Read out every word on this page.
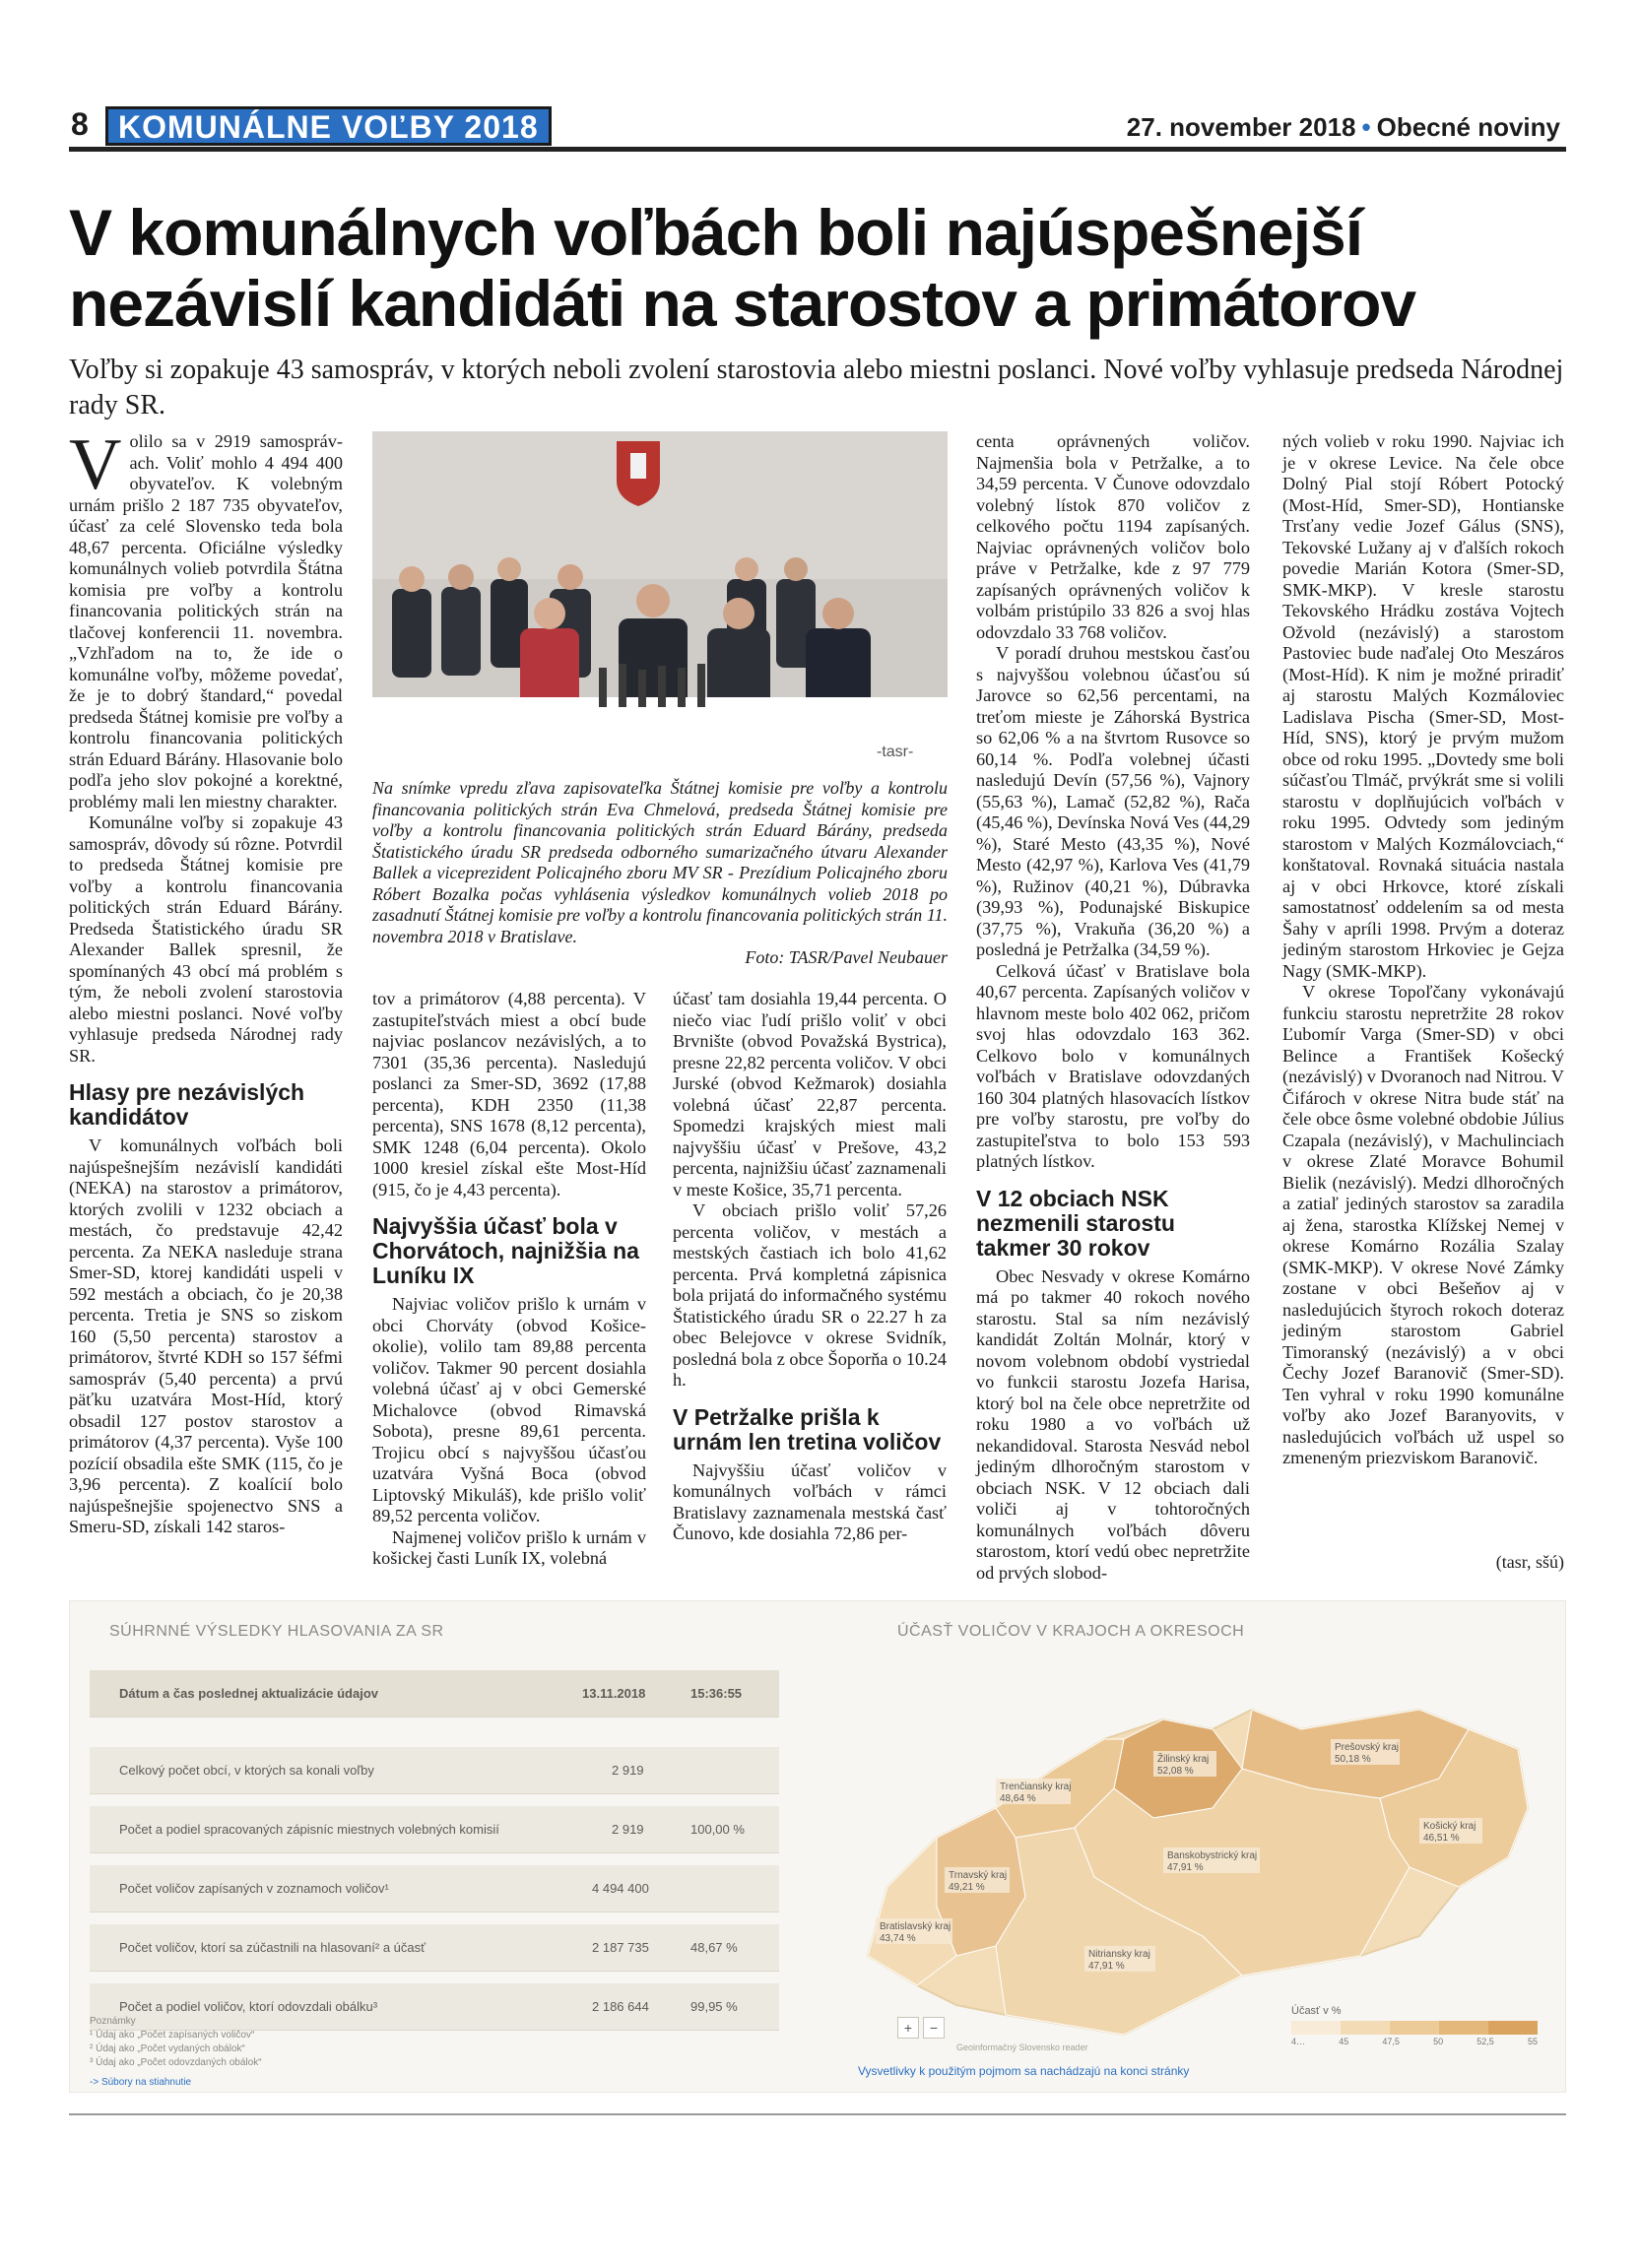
8 KOMUNÁLNE VOĽBY 2018	27. november 2018 • Obecné noviny
V komunálnych voľbách boli najúspešnejší
nezávislí kandidáti na starostov a primátorov

Voľby si zopakuje 43 samospráv, v ktorých neboli zvolení starostovia alebo miestni poslanci. Nové voľby vyhlasuje predseda Národnej rady SR.

Volilo sa v 2919 samosprávach. Voliť mohlo 4 494 400 obyvateľov. K volebným urnám prišlo 2 187 735 obyvateľov, účasť za celé Slovensko teda bola 48,67 percenta. Oficiálne výsledky komunálnych volieb potvrdila Štátna komisia pre voľby a kontrolu financovania politických strán na tlačovej konferencii 11. novembra. „Vzhľadom na to, že ide o komunálne voľby, môžeme povedať, že je to dobrý štandard,“ povedal predseda Štátnej komisie pre voľby a kontrolu financovania politických strán Eduard Bárány. Hlasovanie bolo podľa jeho slov pokojné a korektné, problémy mali len miestny charakter.

Komunálne voľby si zopakuje 43 samospráv, dôvody sú rôzne. Potvrdil to predseda Štátnej komisie pre voľby a kontrolu financovania politických strán Eduard Bárány. Predseda Štatistického úradu SR Alexander Ballek spresnil, že spomínaných 43 obcí má problém s tým, že neboli zvolení starostovia alebo miestni poslanci. Nové voľby vyhlasuje predseda Národnej rady SR.

Hlasy pre nezávislých kandidátov

V komunálnych voľbách boli najúspešnejším nezávislí kandidáti (NEKA) na starostov a primátorov, ktorých zvolili v 1232 obciach a mestách, čo predstavuje 42,42 percenta. Za NEKA nasleduje strana Smer-SD, ktorej kandidáti uspeli v 592 mestách a obciach, čo je 20,38 percenta. Tretia je SNS so ziskom 160 (5,50 percenta) starostov a primátorov, štvrté KDH so 157 šéfmi samospráv (5,40 percenta) a prvú päťku uzatvára Most-Híd, ktorý obsadil 127 postov starostov a primátorov (4,37 percenta). Vyše 100 pozícií obsadila ešte SMK (115, čo je 3,96 percenta). Z koalícií bolo najúspešnejšie spojenectvo SNS a Smeru-SD, získali 142 staros-

-tasr-

Na snímke vpredu zľava zapisovateľka Štátnej komisie pre voľby a kontrolu financovania politických strán Eva Chmelová, predseda Štátnej komisie pre voľby a kontrolu financovania politických strán Eduard Bárány, predseda Štatistického úradu SR predseda odborného sumarizačného útvaru Alexander Ballek a viceprezident Policajného zboru MV SR - Prezídium Policajného zboru Róbert Bozalka počas vyhlásenia výsledkov komunálnych volieb 2018 po zasadnutí Štátnej komisie pre voľby a kontrolu financovania politických strán 11. novembra 2018 v Bratislave.
Foto: TASR/Pavel Neubauer

tov a primátorov (4,88 percenta). V zastupiteľstvách miest a obcí bude najviac poslancov nezávislých, a to 7301 (35,36 percenta). Nasledujú poslanci za Smer-SD, 3692 (17,88 percenta), KDH 2350 (11,38 percenta), SNS 1678 (8,12 percenta), SMK 1248 (6,04 percenta). Okolo 1000 kresiel získal ešte Most-Híd (915, čo je 4,43 percenta).

Najvyššia účasť bola v Chorvátoch, najnižšia na Luníku IX

Najviac voličov prišlo k urnám v obci Chorváty (obvod Košice-okolie), volilo tam 89,88 percenta voličov. Takmer 90 percent dosiahla volebná účasť aj v obci Gemerské Michalovce (obvod Rimavská Sobota), presne 89,61 percenta. Trojicu obcí s najvyššou účasťou uzatvára Vyšná Boca (obvod Liptovský Mikuláš), kde prišlo voliť 89,52 percenta voličov.

Najmenej voličov prišlo k urnám v košickej časti Luník IX, volebná

účasť tam dosiahla 19,44 percenta. O niečo viac ľudí prišlo voliť v obci Brvnište (obvod Považská Bystrica), presne 22,82 percenta voličov. V obci Jurské (obvod Kežmarok) dosiahla volebná účasť 22,87 percenta. Spomedzi krajských miest mali najvyššiu účasť v Prešove, 43,2 percenta, najnižšiu účasť zaznamenali v meste Košice, 35,71 percenta.

V obciach prišlo voliť 57,26 percenta voličov, v mestách a mestských častiach ich bolo 41,62 percenta. Prvá kompletná zápisnica bola prijatá do informačného systému Štatistického úradu SR o 22.27 h za obec Belejovce v okrese Svidník, posledná bola z obce Šoporňa o 10.24 h.

V Petržalke prišla k urnám len tretina voličov

Najvyššiu účasť voličov v komunálnych voľbách v rámci Bratislavy zaznamenala mestská časť Čunovo, kde dosiahla 72,86 per-

centa oprávnených voličov. Najmenšia bola v Petržalke, a to 34,59 percenta. V Čunove odovzdalo volebný lístok 870 voličov z celkového počtu 1194 zapísaných. Najviac oprávnených voličov bolo práve v Petržalke, kde z 97 779 zapísaných oprávnených voličov k volbám pristúpilo 33 826 a svoj hlas odovzdalo 33 768 voličov.

V poradí druhou mestskou časťou s najvyššou volebnou účasťou sú Jarovce so 62,56 percentami, na treťom mieste je Záhorská Bystrica so 62,06 % a na štvrtom Rusovce so 60,14 %. Podľa volebnej účasti nasledujú Devín (57,56 %), Vajnory (55,63 %), Lamač (52,82 %), Rača (45,46 %), Devínska Nová Ves (44,29 %), Staré Mesto (43,35 %), Nové Mesto (42,97 %), Karlova Ves (41,79 %), Ružinov (40,21 %), Dúbravka (39,93 %), Podunajské Biskupice (37,75 %), Vrakuňa (36,20 %) a posledná je Petržalka (34,59 %).

Celková účasť v Bratislave bola 40,67 percenta. Zapísaných voličov v hlavnom meste bolo 402 062, pričom svoj hlas odovzdalo 163 362. Celkovo bolo v komunálnych voľbách v Bratislave odovzdaných 160 304 platných hlasovacích lístkov pre voľby starostu, pre voľby do zastupiteľstva to bolo 153 593 platných lístkov.

V 12 obciach NSK nezmenili starostu takmer 30 rokov

Obec Nesvady v okrese Komárno má po takmer 40 rokoch nového starostu. Stal sa ním nezávislý kandidát Zoltán Molnár, ktorý v novom volebnom období vystriedal vo funkcii starostu Jozefa Harisa, ktorý bol na čele obce nepretržite od roku 1980 a vo voľbách už nekandidoval. Starosta Nesvád nebol jediným dlhoročným starostom v obciach NSK. V 12 obciach dali voliči aj v tohtoročných komunálnych voľbách dôveru starostom, ktorí vedú obec nepretržite od prvých slobod-

ných volieb v roku 1990. Najviac ich je v okrese Levice. Na čele obce Dolný Pial stojí Róbert Potocký (Most-Híd, Smer-SD), Hontianske Trsťany vedie Jozef Gálus (SNS), Tekovské Lužany aj v ďalších rokoch povedie Marián Kotora (Smer-SD, SMK-MKP). V kresle starostu Tekovského Hrádku zostáva Vojtech Ožvold (nezávislý) a starostom Pastoviec bude naďalej Oto Meszáros (Most-Híd). K nim je možné priradiť aj starostu Malých Kozmáloviec Ladislava Pischa (Smer-SD, Most-Híd, SNS), ktorý je prvým mužom obce od roku 1995. „Dovtedy sme boli súčasťou Tlmáč, prvýkrát sme si volili starostu v doplňujúcich voľbách v roku 1995. Odvtedy som jediným starostom v Malých Kozmálovciach,“ konštatoval. Rovnaká situácia nastala aj v obci Hrkovce, ktoré získali samostatnosť oddelením sa od mesta Šahy v apríli 1998. Prvým a doteraz jediným starostom Hrkoviec je Gejza Nagy (SMK-MKP).

V okrese Topoľčany vykonávajú funkciu starostu nepretržite 28 rokov Ľubomír Varga (Smer-SD) v obci Belince a František Košecký (nezávislý) v Dvoranoch nad Nitrou. V Čifároch v okrese Nitra bude stáť na čele obce ôsme volebné obdobie Július Czapala (nezávislý), v Machulinciach v okrese Zlaté Moravce Bohumil Bielik (nezávislý). Medzi dlhoročných a zatiaľ jediných starostov sa zaradila aj žena, starostka Klížskej Nemej v okrese Komárno Rozália Szalay (SMK-MKP). V okrese Nové Zámky zostane v obci Bešeňov aj v nasledujúcich štyroch rokoch doteraz jediným starostom Gabriel Timoranský (nezávislý) a v obci Čechy Jozef Baranovič (Smer-SD). Ten vyhral v roku 1990 komunálne voľby ako Jozef Baranyovits, v nasledujúcich voľbách už uspel so zmeneným priezviskom Baranovič.

(tasr, sšú)
SÚHRNNÉ VÝSLEDKY HLASOVANIA ZA SR	ÚČASŤ VOLIČOV V KRAJOCH A OKRESOCH
Dátum a čas poslednej aktualizácie údajov	13.11.2018	15:36:55
Celkový počet obcí, v ktorých sa konali voľby	2 919
Počet a podiel spracovaných zápisníc miestnych volebných komisií	2 919	100,00 %
Počet voličov zapísaných v zoznamoch voličov¹	4 494 400
Počet voličov, ktorí sa zúčastnili na hlasovaní² a účasť	2 187 735	48,67 %
Počet a podiel voličov, ktorí odovzdali obálku³	2 186 644	99,95 %
Poznámky
¹ Údaj ako „Počet zapísaných voličov“
² Údaj ako „Počet vydaných obálok“
³ Údaj ako „Počet odovzdaných obálok“
-> Súbory na stiahnutie
Žilinský kraj
52,08 %
Prešovský kraj
50,18 %
Trenčiansky kraj
48,64 %
Trnavský kraj
49,21 %
Bratislavský kraj
43,74 %
Banskobystrický kraj
47,91 %
Košický kraj
46,51 %
Nitriansky kraj
47,91 %
+	−
Geoinformačný Slovensko reader
Účasť v %
4…	45	47,5	50	52,5	55
Vysvetlivky k použitým pojmom sa nachádzajú na konci stránky
